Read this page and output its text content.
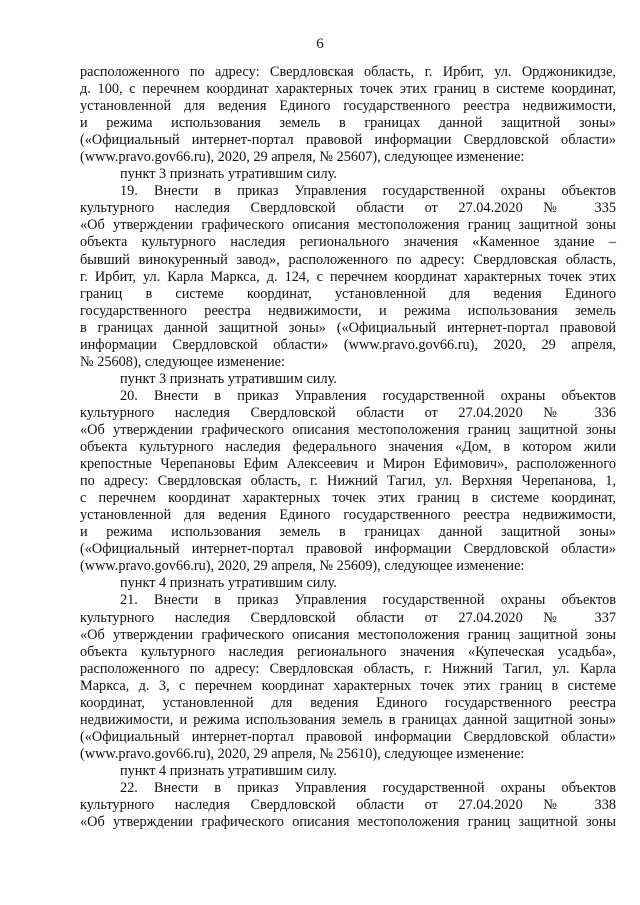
6
расположенного по адресу: Свердловская область, г. Ирбит, ул. Орджоникидзе,
д. 100, с перечнем координат характерных точек этих границ в системе координат,
установленной для ведения Единого государственного реестра недвижимости,
и режима использования земель в границах данной защитной зоны»
(«Официальный интернет-портал правовой информации Свердловской области»
(www.pravo.gov66.ru), 2020, 29 апреля, № 25607), следующее изменение:
пункт 3 признать утратившим силу.
19. Внести в приказ Управления государственной охраны объектов
культурного наследия Свердловской области от 27.04.2020 № 335
«Об утверждении графического описания местоположения границ защитной зоны
объекта культурного наследия регионального значения «Каменное здание –
бывший винокуренный завод», расположенного по адресу: Свердловская область,
г. Ирбит, ул. Карла Маркса, д. 124, с перечнем координат характерных точек этих
границ в системе координат, установленной для ведения Единого
государственного реестра недвижимости, и режима использования земель
в границах данной защитной зоны» («Официальный интернет-портал правовой
информации Свердловской области» (www.pravo.gov66.ru), 2020, 29 апреля,
№ 25608), следующее изменение:
пункт 3 признать утратившим силу.
20. Внести в приказ Управления государственной охраны объектов
культурного наследия Свердловской области от 27.04.2020 № 336
«Об утверждении графического описания местоположения границ защитной зоны
объекта культурного наследия федерального значения «Дом, в котором жили
крепостные Черепановы Ефим Алексеевич и Мирон Ефимович», расположенного
по адресу: Свердловская область, г. Нижний Тагил, ул. Верхняя Черепанова, 1,
с перечнем координат характерных точек этих границ в системе координат,
установленной для ведения Единого государственного реестра недвижимости,
и режима использования земель в границах данной защитной зоны»
(«Официальный интернет-портал правовой информации Свердловской области»
(www.pravo.gov66.ru), 2020, 29 апреля, № 25609), следующее изменение:
пункт 4 признать утратившим силу.
21. Внести в приказ Управления государственной охраны объектов
культурного наследия Свердловской области от 27.04.2020 № 337
«Об утверждении графического описания местоположения границ защитной зоны
объекта культурного наследия регионального значения «Купеческая усадьба»,
расположенного по адресу: Свердловская область, г. Нижний Тагил, ул. Карла
Маркса, д. 3, с перечнем координат характерных точек этих границ в системе
координат, установленной для ведения Единого государственного реестра
недвижимости, и режима использования земель в границах данной защитной зоны»
(«Официальный интернет-портал правовой информации Свердловской области»
(www.pravo.gov66.ru), 2020, 29 апреля, № 25610), следующее изменение:
пункт 4 признать утратившим силу.
22. Внести в приказ Управления государственной охраны объектов
культурного наследия Свердловской области от 27.04.2020 № 338
«Об утверждении графического описания местоположения границ защитной зоны
